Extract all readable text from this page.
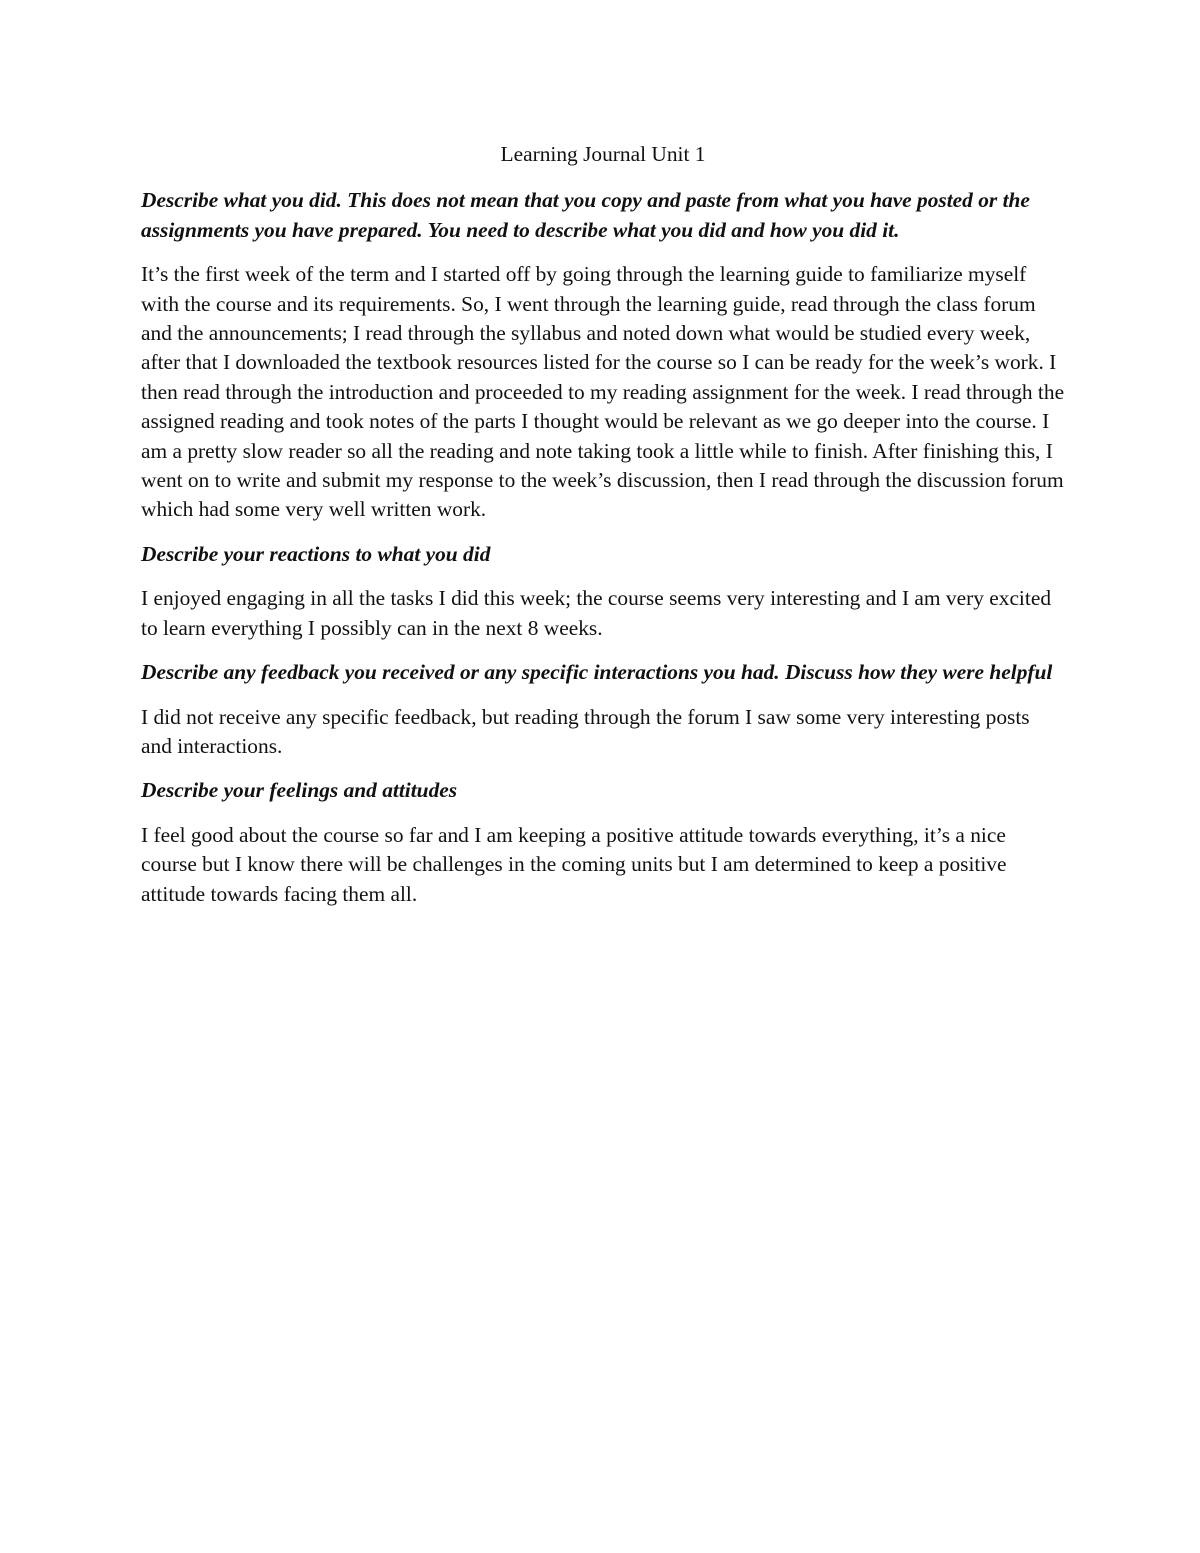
Learning Journal Unit 1

Describe what you did. This does not mean that you copy and paste from what you have posted or the assignments you have prepared. You need to describe what you did and how you did it.

It’s the first week of the term and I started off by going through the learning guide to familiarize myself with the course and its requirements. So, I went through the learning guide, read through the class forum and the announcements; I read through the syllabus and noted down what would be studied every week, after that I downloaded the textbook resources listed for the course so I can be ready for the week’s work. I then read through the introduction and proceeded to my reading assignment for the week. I read through the assigned reading and took notes of the parts I thought would be relevant as we go deeper into the course. I am a pretty slow reader so all the reading and note taking took a little while to finish. After finishing this, I went on to write and submit my response to the week’s discussion, then I read through the discussion forum which had some very well written work.

Describe your reactions to what you did

I enjoyed engaging in all the tasks I did this week; the course seems very interesting and I am very excited to learn everything I possibly can in the next 8 weeks.

Describe any feedback you received or any specific interactions you had. Discuss how they were helpful

I did not receive any specific feedback, but reading through the forum I saw some very interesting posts and interactions.

Describe your feelings and attitudes

I feel good about the course so far and I am keeping a positive attitude towards everything, it’s a nice course but I know there will be challenges in the coming units but I am determined to keep a positive attitude towards facing them all.
